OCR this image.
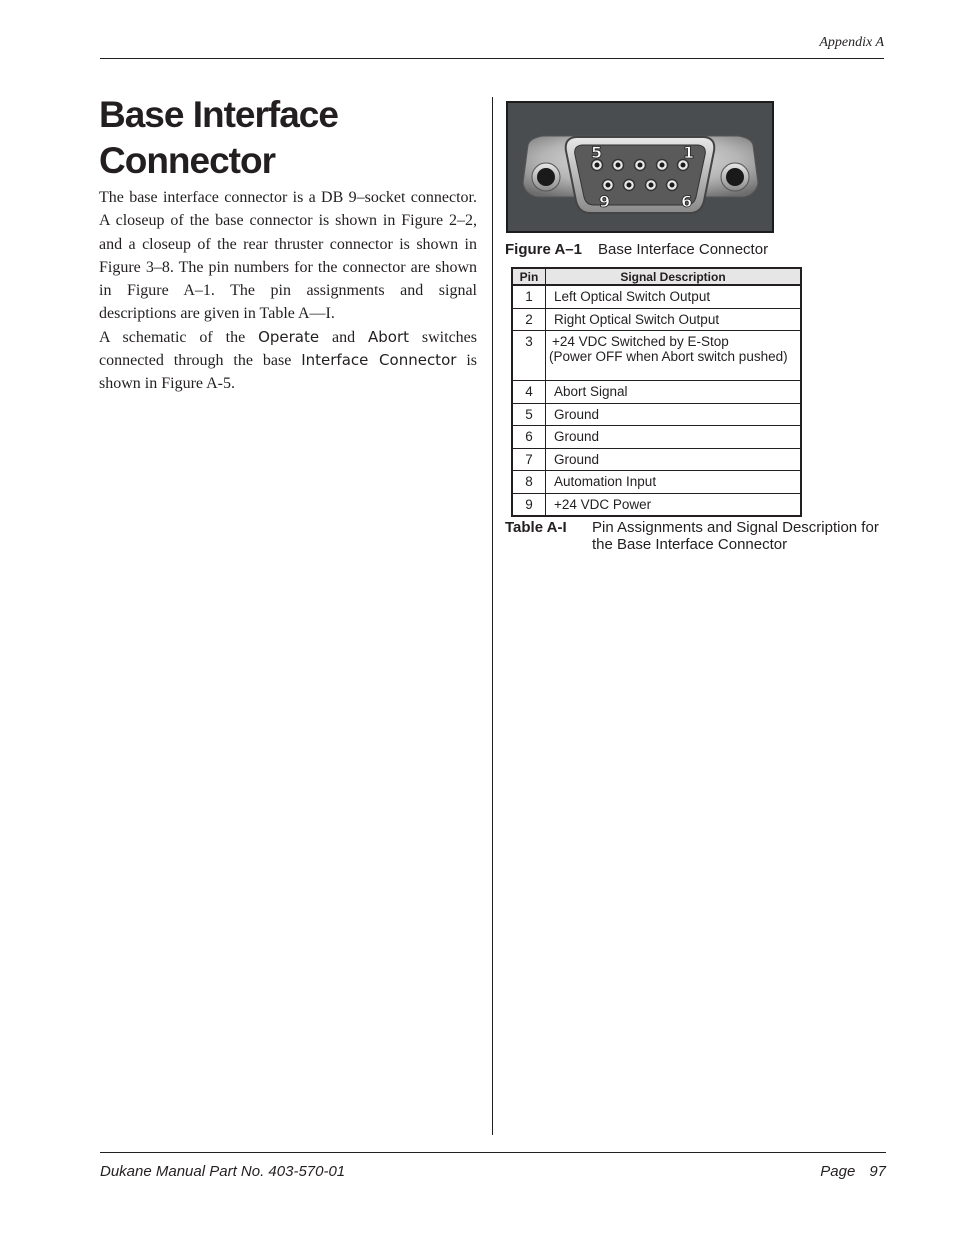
Appendix A
Base Interface
Connector

The base interface connector is a DB 9–socket connector. A closeup of the base connector is shown in Figure 2–2, and a closeup of the rear thruster connector is shown in Figure 3–8. The pin numbers for the connector are shown in Figure A–1. The pin assignments and signal descriptions are given in Table A—I.

A schematic of the Operate and Abort switches connected through the base Interface Connector is shown in Figure A-5.

5	1
9	6
Figure A–1 Base Interface Connector
Pin	Signal Description
1	Left Optical Switch Output
2	Right Optical Switch Output
3	+24 VDC Switched by E-Stop
(Power OFF when Abort switch pushed)

4	Abort Signal
5	Ground
6	Ground
7	Ground
8	Automation Input
9	+24 VDC Power
Table A-I Pin Assignments and Signal Description for the Base Interface Connector
Dukane Manual Part No. 403-570-01	Page 97
